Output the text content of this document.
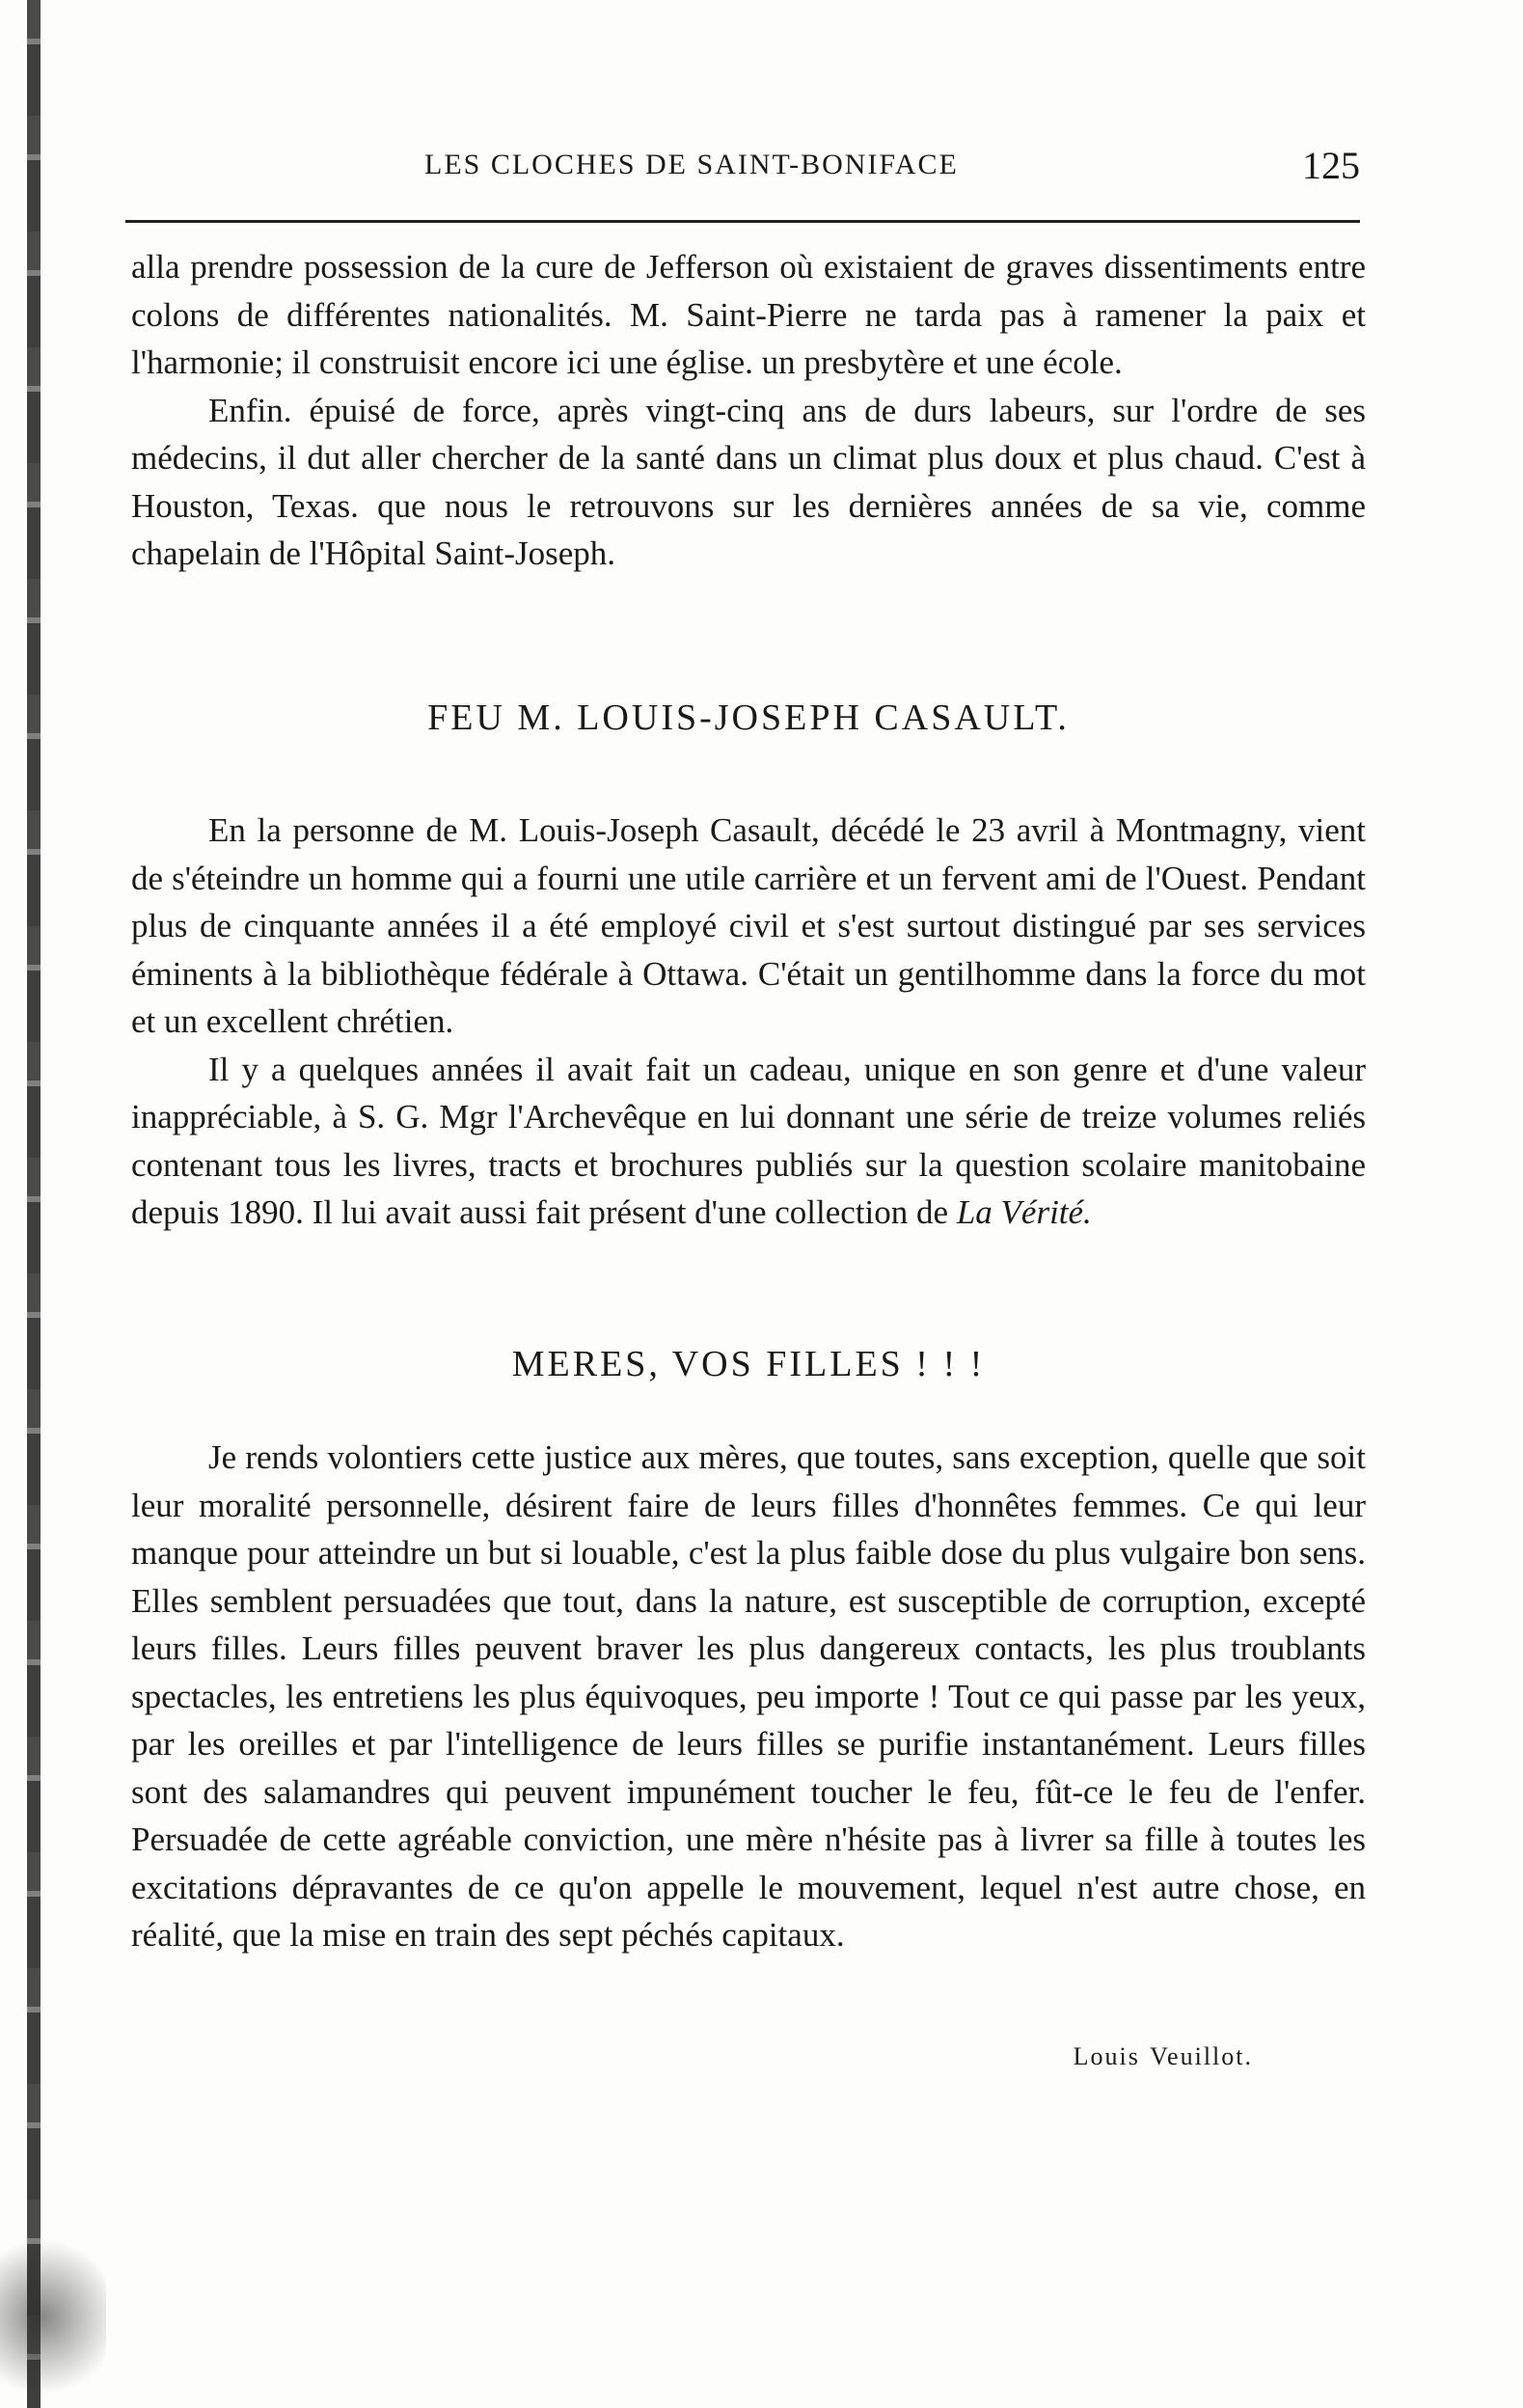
LES CLOCHES DE SAINT-BONIFACE	125

alla prendre possession de la cure de Jefferson où existaient de graves dissentiments entre colons de différentes nationalités. M. Saint-Pierre ne tarda pas à ramener la paix et l'harmonie; il construisit encore ici une église. un presbytère et une école.

Enfin. épuisé de force, après vingt-cinq ans de durs labeurs, sur l'ordre de ses médecins, il dut aller chercher de la santé dans un climat plus doux et plus chaud. C'est à Houston, Texas. que nous le retrouvons sur les dernières années de sa vie, comme chapelain de l'Hôpital Saint-Joseph.

FEU M. LOUIS-JOSEPH CASAULT.

En la personne de M. Louis-Joseph Casault, décédé le 23 avril à Montmagny, vient de s'éteindre un homme qui a fourni une utile carrière et un fervent ami de l'Ouest. Pendant plus de cinquante années il a été employé civil et s'est surtout distingué par ses services éminents à la bibliothèque fédérale à Ottawa. C'était un gentilhomme dans la force du mot et un excellent chrétien.

Il y a quelques années il avait fait un cadeau, unique en son genre et d'une valeur inappréciable, à S. G. Mgr l'Archevêque en lui donnant une série de treize volumes reliés contenant tous les livres, tracts et brochures publiés sur la question scolaire manitobaine depuis 1890. Il lui avait aussi fait présent d'une collection de La Vérité.

MERES, VOS FILLES ! ! !

Je rends volontiers cette justice aux mères, que toutes, sans exception, quelle que soit leur moralité personnelle, désirent faire de leurs filles d'honnêtes femmes. Ce qui leur manque pour atteindre un but si louable, c'est la plus faible dose du plus vulgaire bon sens. Elles semblent persuadées que tout, dans la nature, est susceptible de corruption, excepté leurs filles. Leurs filles peuvent braver les plus dangereux contacts, les plus troublants spectacles, les entretiens les plus équivoques, peu importe ! Tout ce qui passe par les yeux, par les oreilles et par l'intelligence de leurs filles se purifie instantanément. Leurs filles sont des salamandres qui peuvent impunément toucher le feu, fût-ce le feu de l'enfer. Persuadée de cette agréable conviction, une mère n'hésite pas à livrer sa fille à toutes les excitations dépravantes de ce qu'on appelle le mouvement, lequel n'est autre chose, en réalité, que la mise en train des sept péchés capitaux.

Louis Veuillot.
